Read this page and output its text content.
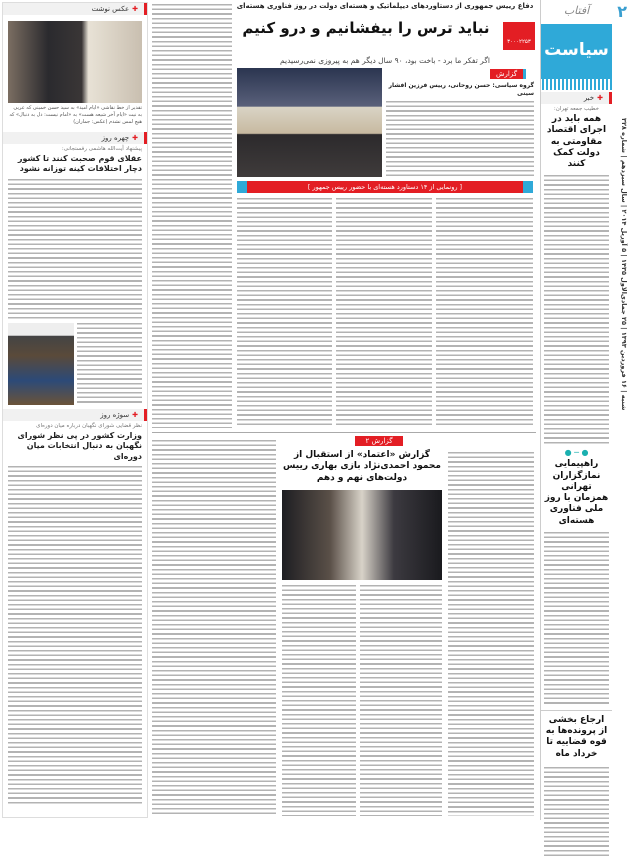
۲
شنبه | ۱۶ فروردین ۱۳۹۳ | ۲۵ جمادی‌الاول ۱۴۳۵ | ۵ آوریل ۲۰۱۴ | سال سیزدهم | شماره ۳۲۸
آفتاب
سیاست
✚خبر
خطیب جمعه تهران:
همه باید در اجرای اقتصاد مقاومتی به دولت کمک کنند
● ─ ●
راهپیمایی نمازگزاران تهرانی همزمان با روز ملی فناوری هسته‌ای
ارجاع بخشی از پرونده‌ها به قوه قضاییه تا خرداد ماه
دفاع رییس جمهوری از دستاوردهای دیپلماتیک و هسته‌ای دولت در روز فناوری هسته‌ای
نباید ترس را بیفشانیم و درو کنیم
اگر تفکر ما برد - باخت بود، ۹۰ سال دیگر هم به پیروزی نمی‌رسیدیم
۳۰۰۰۲۲۵۳
گزارش
گروه سیاسی: حسن روحانی، رییس فرزین افشار سینی
[ رونمایی از ۱۴ دستاورد هسته‌ای با حضور رییس جمهور ]
گزارش ۲
گزارش «اعتماد» از استقبال از محمود احمدی‌نژاد بازی بهاری رییس دولت‌های نهم و دهم
✚عکس نوشت
تقدیر از خط نقاشی «ایام امید» به سید حسن خمینی که عربی به نیت «ایام آخر شیعه هست» به «امام نیست: دل به دنبال» که هیچ لمس نشدم (عکس: جماران)
✚چهره روز
پیشنهاد آیت‌الله هاشمی رفسنجانی:
عقلای قوم صحبت کنند تا کشور دچار اختلافات کینه توزانه نشود
✚سوژه روز
نظر قضایی شورای نگهبان درباره میان دوره‌ای
وزارت کشور در پی نظر شورای نگهبان به دنبال انتخابات میان دوره‌ای
